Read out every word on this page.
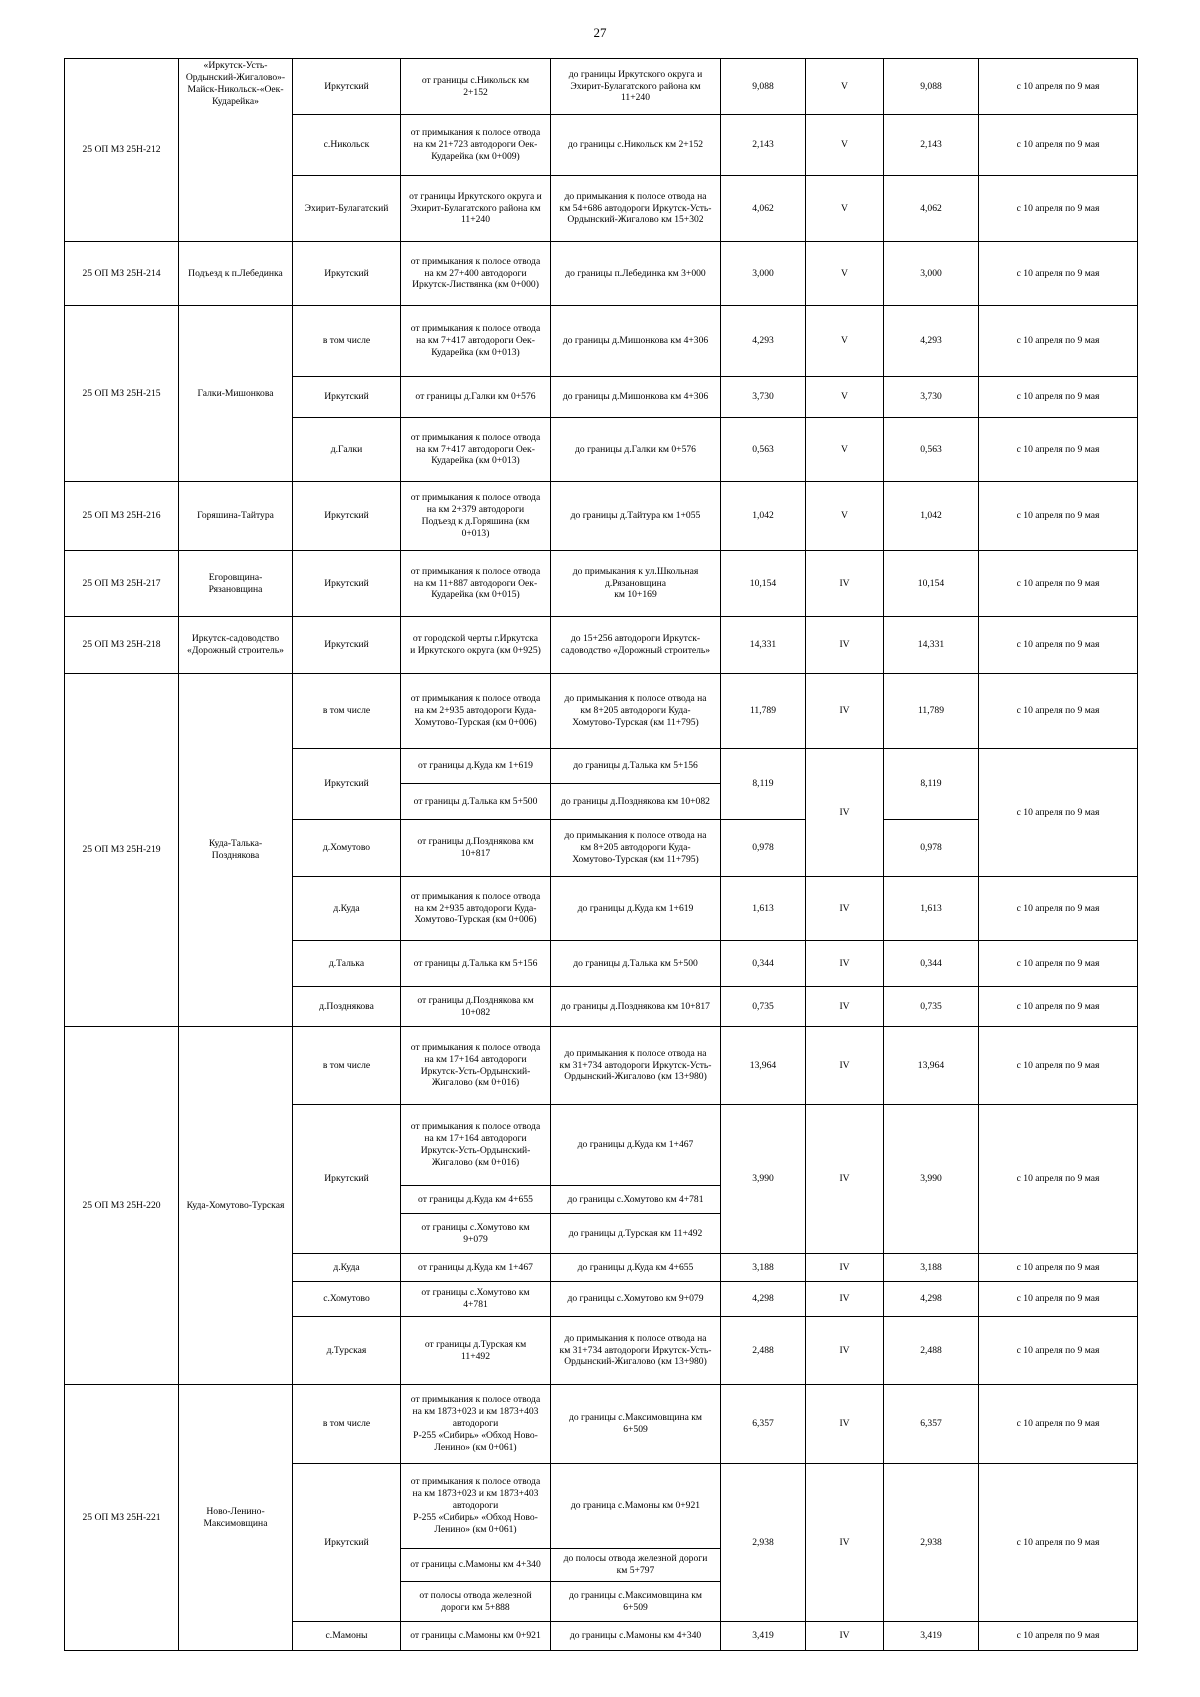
27
25 ОП МЗ 25Н-212	«Иркутск-Усть-
Ордынский-Жигалово»-
Майск-Никольск-«Оек-
Кударейка»	Иркутский	от границы с.Никольск км
2+152	до границы Иркутского округа и
Эхирит-Булагатского района км
11+240	9,088	V	9,088	с 10 апреля по 9 мая
		с.Никольск	от примыкания к полосе отвода
на км 21+723 автодороги Оек-
Кударейка (км 0+009)	до границы с.Никольск км 2+152	2,143	V	2,143	с 10 апреля по 9 мая
		Эхирит-Булагатский	от границы Иркутского округа и
Эхирит-Булагатского района км
11+240	до примыкания к полосе отвода на
км 54+686 автодороги Иркутск-Усть-
Ордынский-Жигалово км 15+302	4,062	V	4,062	с 10 апреля по 9 мая
25 ОП МЗ 25Н-214	Подъезд к п.Лебединка	Иркутский	от примыкания к полосе отвода
на км 27+400 автодороги
Иркутск-Листвянка (км 0+000)	до границы п.Лебединка км 3+000	3,000	V	3,000	с 10 апреля по 9 мая
25 ОП МЗ 25Н-215	Галки-Мишонкова	в том числе	от примыкания к полосе отвода
на км 7+417 автодороги Оек-
Кударейка (км 0+013)	до границы д.Мишонкова км 4+306	4,293	V	4,293	с 10 апреля по 9 мая
		Иркутский	от границы д.Галки км 0+576	до границы д.Мишонкова км 4+306	3,730	V	3,730	с 10 апреля по 9 мая
		д.Галки	от примыкания к полосе отвода
на км 7+417 автодороги Оек-
Кударейка (км 0+013)	до границы д.Галки км 0+576	0,563	V	0,563	с 10 апреля по 9 мая
25 ОП МЗ 25Н-216	Горяшина-Тайтура	Иркутский	от примыкания к полосе отвода
на км 2+379 автодороги
Подъезд к д.Горяшина (км
0+013)	до границы д.Тайтура км 1+055	1,042	V	1,042	с 10 апреля по 9 мая
25 ОП МЗ 25Н-217	Егоровщина-
Рязановщина	Иркутский	от примыкания к полосе отвода
на км 11+887 автодороги Оек-
Кударейка (км 0+015)	до примыкания к ул.Школьная
д.Рязановщина
км 10+169	10,154	IV	10,154	с 10 апреля по 9 мая
25 ОП МЗ 25Н-218	Иркутск-садоводство
«Дорожный строитель»	Иркутский	от городской черты г.Иркутска
и Иркутского округа (км 0+925)	до 15+256 автодороги Иркутск-
садоводство «Дорожный строитель»	14,331	IV	14,331	с 10 апреля по 9 мая
25 ОП МЗ 25Н-219	Куда-Талька-
Позднякова	в том числе	от примыкания к полосе отвода
на км 2+935 автодороги Куда-
Хомутово-Турская (км 0+006)	до примыкания к полосе отвода на
км 8+205 автодороги Куда-
Хомутово-Турская (км 11+795)	11,789	IV	11,789	с 10 апреля по 9 мая
		Иркутский	от границы д.Куда км 1+619	до границы д.Талька км 5+156	8,119	IV	8,119	с 10 апреля по 9 мая
			от границы д.Талька км 5+500	до границы д.Позднякова км 10+082				
		д.Хомутово	от границы д.Позднякова км
10+817	до примыкания к полосе отвода на
км 8+205 автодороги Куда-
Хомутово-Турская (км 11+795)	0,978		0,978	
		д.Куда	от примыкания к полосе отвода
на км 2+935 автодороги Куда-
Хомутово-Турская (км 0+006)	до границы д.Куда км 1+619	1,613	IV	1,613	с 10 апреля по 9 мая
		д.Талька	от границы д.Талька км 5+156	до границы д.Талька км 5+500	0,344	IV	0,344	с 10 апреля по 9 мая
		д.Позднякова	от границы д.Позднякова км
10+082	до границы д.Позднякова км 10+817	0,735	IV	0,735	с 10 апреля по 9 мая
25 ОП МЗ 25Н-220	Куда-Хомутово-Турская	в том числе	от примыкания к полосе отвода
на км 17+164 автодороги
Иркутск-Усть-Ордынский-
Жигалово (км 0+016)	до примыкания к полосе отвода на
км 31+734 автодороги Иркутск-Усть-
Ордынский-Жигалово (км 13+980)	13,964	IV	13,964	с 10 апреля по 9 мая
		Иркутский	от примыкания к полосе отвода
на км 17+164 автодороги
Иркутск-Усть-Ордынский-
Жигалово (км 0+016)	до границы д.Куда км 1+467	3,990	IV	3,990	с 10 апреля по 9 мая
			от границы д.Куда км 4+655	до границы с.Хомутово км 4+781				
			от границы с.Хомутово км
9+079	до границы д.Турская км 11+492				
		д.Куда	от границы д.Куда км 1+467	до границы д.Куда км 4+655	3,188	IV	3,188	с 10 апреля по 9 мая
		с.Хомутово	от границы с.Хомутово км
4+781	до границы с.Хомутово км 9+079	4,298	IV	4,298	с 10 апреля по 9 мая
		д.Турская	от границы д.Турская км
11+492	до примыкания к полосе отвода на
км 31+734 автодороги Иркутск-Усть-
Ордынский-Жигалово (км 13+980)	2,488	IV	2,488	с 10 апреля по 9 мая
25 ОП МЗ 25Н-221	Ново-Ленино-
Максимовщина	в том числе	от примыкания к полосе отвода
на км 1873+023 и км 1873+403
автодороги
Р-255 «Сибирь» «Обход Ново-
Ленино» (км 0+061)	до границы с.Максимовщина км
6+509	6,357	IV	6,357	с 10 апреля по 9 мая
		Иркутский	от примыкания к полосе отвода
на км 1873+023 и км 1873+403
автодороги
Р-255 «Сибирь» «Обход Ново-
Ленино» (км 0+061)	до граница с.Мамоны км 0+921	2,938	IV	2,938	с 10 апреля по 9 мая
			от границы с.Мамоны км 4+340	до полосы отвода железной дороги
км 5+797				
			от полосы отвода железной
дороги км 5+888	до границы с.Максимовщина км
6+509				
		с.Мамоны	от границы с.Мамоны км 0+921	до границы с.Мамоны км 4+340	3,419	IV	3,419	с 10 апреля по 9 мая
